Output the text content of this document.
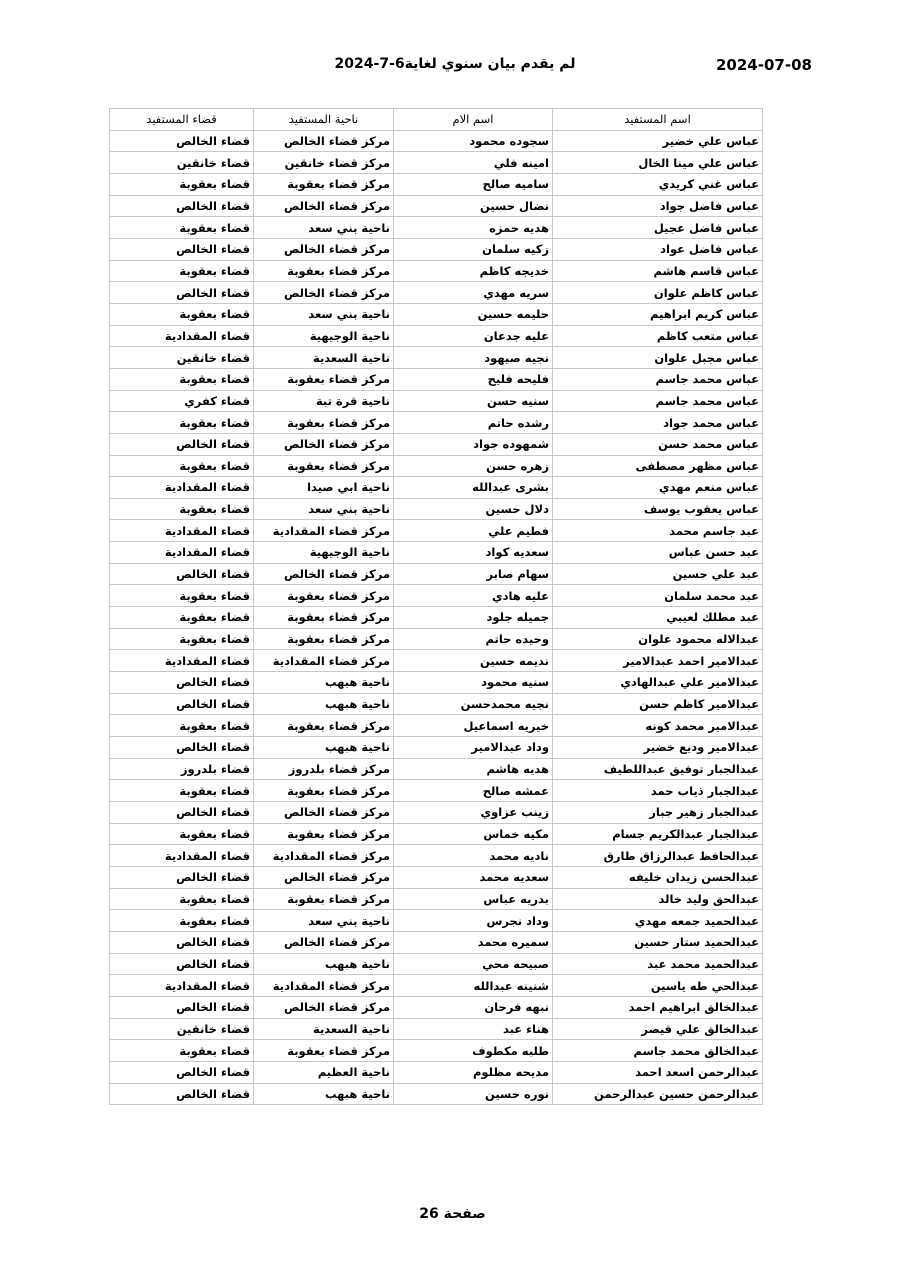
2024-07-08
لم يقدم بيان سنوي لغاية6-7-2024
اسم المستفيد	اسم الام	ناحية المستفيد	قضاء المستفيد
عباس علي خضير	سجوده محمود	مركز قضاء الخالص	قضاء الخالص
عباس علي مينا الخال	امينه فلي	مركز قضاء خانقين	قضاء خانقين
عباس غني كريدي	ساميه صالح	مركز قضاء بعقوبة	قضاء بعقوبة
عباس فاضل جواد	نضال حسين	مركز قضاء الخالص	قضاء الخالص
عباس فاضل عجيل	هديه حمزه	ناحية بني سعد	قضاء بعقوبة
عباس فاضل عواد	زكيه سلمان	مركز قضاء الخالص	قضاء الخالص
عباس قاسم هاشم	خديجه كاظم	مركز قضاء بعقوبة	قضاء بعقوبة
عباس كاظم علوان	سريه مهدي	مركز قضاء الخالص	قضاء الخالص
عباس كريم ابراهيم	حليمه حسين	ناحية بني سعد	قضاء بعقوبة
عباس متعب كاظم	عليه جدعان	ناحية الوجيهية	قضاء المقدادية
عباس مجبل علوان	نجيه صيهود	ناحية السعدية	قضاء خانقين
عباس محمد جاسم	فليحه فليح	مركز قضاء بعقوبة	قضاء بعقوبة
عباس محمد جاسم	سنيه حسن	ناحية قرة تبة	قضاء كفري
عباس محمد جواد	رشده حاتم	مركز قضاء بعقوبة	قضاء بعقوبة
عباس محمد حسن	شمهوده جواد	مركز قضاء الخالص	قضاء الخالص
عباس مظهر مصطفى	زهره حسن	مركز قضاء بعقوبة	قضاء بعقوبة
عباس منعم مهدي	بشرى عبدالله	ناحية ابي صيدا	قضاء المقدادية
عباس يعقوب يوسف	دلال حسين	ناحية بني سعد	قضاء بعقوبة
عبد جاسم محمد	فطيم علي	مركز قضاء المقدادية	قضاء المقدادية
عبد حسن عباس	سعديه كواد	ناحية الوجيهية	قضاء المقدادية
عبد علي حسين	سهام صابر	مركز قضاء الخالص	قضاء الخالص
عبد محمد سلمان	عليه هادي	مركز قضاء بعقوبة	قضاء بعقوبة
عبد مطلك لعيبي	جميله جلود	مركز قضاء بعقوبة	قضاء بعقوبة
عبدالاله محمود علوان	وحيده حاتم	مركز قضاء بعقوبة	قضاء بعقوبة
عبدالامير احمد عبدالامير	نديمه حسين	مركز قضاء المقدادية	قضاء المقدادية
عبدالامير علي عبدالهادي	سنيه محمود	ناحية هبهب	قضاء الخالص
عبدالامير كاظم حسن	نجيه محمدحسن	ناحية هبهب	قضاء الخالص
عبدالامير محمد كونه	خيريه اسماعيل	مركز قضاء بعقوبة	قضاء بعقوبة
عبدالامير وديع خضير	وداد عبدالامير	ناحية هبهب	قضاء الخالص
عبدالجبار توفيق عبداللطيف	هديه هاشم	مركز قضاء بلدروز	قضاء بلدروز
عبدالجبار ذياب حمد	عمشه صالح	مركز قضاء بعقوبة	قضاء بعقوبة
عبدالجبار زهير جبار	زينب عزاوي	مركز قضاء الخالص	قضاء الخالص
عبدالجبار عبدالكريم جسام	مكيه خماس	مركز قضاء بعقوبة	قضاء بعقوبة
عبدالحافظ عبدالرزاق طارق	ناديه محمد	مركز قضاء المقدادية	قضاء المقدادية
عبدالحسن زيدان خليفه	سعديه محمد	مركز قضاء الخالص	قضاء الخالص
عبدالحق وليد خالد	بدريه عباس	مركز قضاء بعقوبة	قضاء بعقوبة
عبدالحميد جمعه مهدي	وداد نجرس	ناحية بني سعد	قضاء بعقوبة
عبدالحميد ستار حسين	سميره محمد	مركز قضاء الخالص	قضاء الخالص
عبدالحميد محمد عبد	صبيحه محي	ناحية هبهب	قضاء الخالص
عبدالحي طه ياسين	شنينه عبدالله	مركز قضاء المقدادية	قضاء المقدادية
عبدالخالق ابراهيم احمد	نبهه فرحان	مركز قضاء الخالص	قضاء الخالص
عبدالخالق علي قيصر	هناء عبد	ناحية السعدية	قضاء خانقين
عبدالخالق محمد جاسم	طلبه مكطوف	مركز قضاء بعقوبة	قضاء بعقوبة
عبدالرحمن اسعد احمد	مديحه مظلوم	ناحية العظيم	قضاء الخالص
عبدالرحمن حسين عبدالرحمن	نوره حسين	ناحية هبهب	قضاء الخالص
صفحة 26
